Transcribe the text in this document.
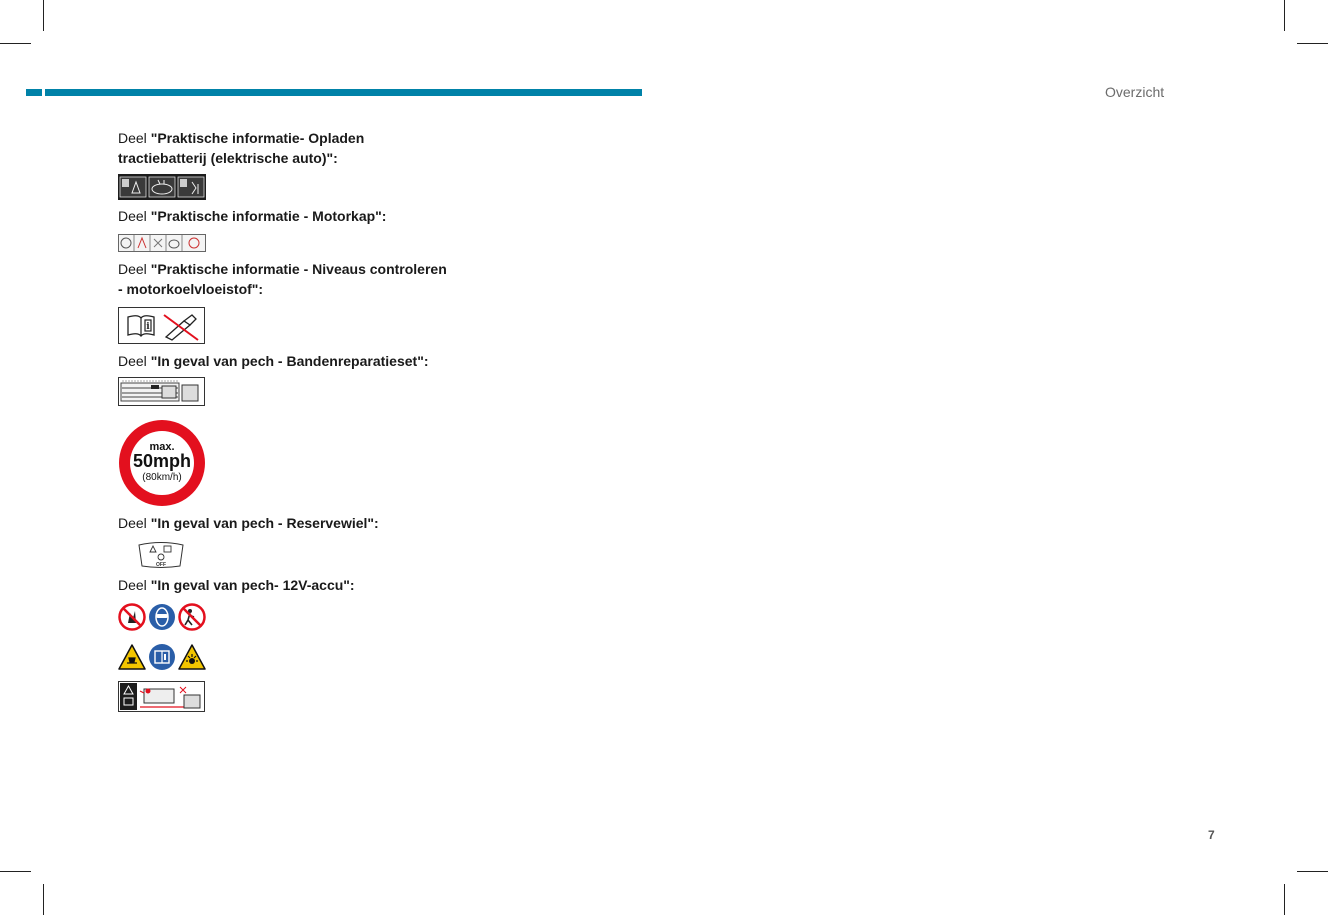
Overzicht
7

Deel "Praktische informatie- Opladen tractiebatterij (elektrische auto)":

Deel "Praktische informatie - Motorkap":

Deel "Praktische informatie - Niveaus controleren - motorkoelvloeistof":

i

Deel "In geval van pech - Bandenreparatieset":

max.
50mph
(80km/h)

Deel "In geval van pech - Reservewiel":

OFF

Deel "In geval van pech- 12V-accu":
